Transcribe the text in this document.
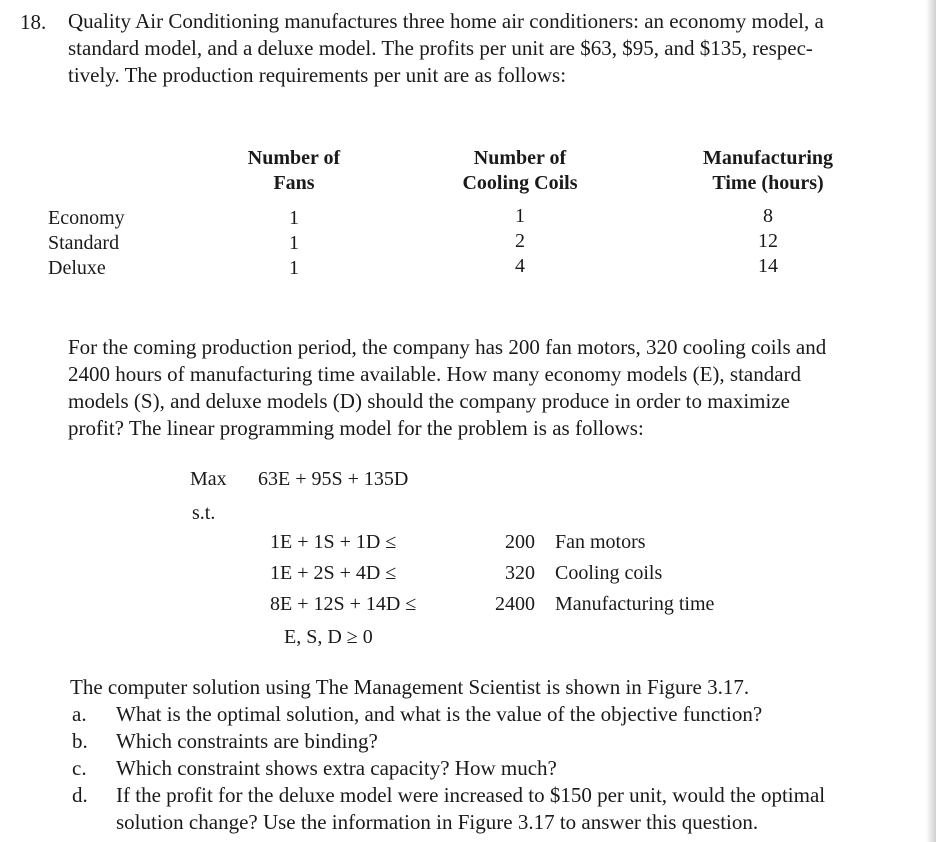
18. Quality Air Conditioning manufactures three home air conditioners: an economy model, a
standard model, and a deluxe model. The profits per unit are $63, $95, and $135, respec-
tively. The production requirements per unit are as follows:
Number of
Fans
Number of
Cooling Coils
Manufacturing
Time (hours)
Economy	1	1	8
Standard	1	2	12
Deluxe	1	4	14
For the coming production period, the company has 200 fan motors, 320 cooling coils and
2400 hours of manufacturing time available. How many economy models (E), standard
models (S), and deluxe models (D) should the company produce in order to maximize
profit? The linear programming model for the problem is as follows:
Max 63E + 95S + 135D
s.t.
1E + 1S + 1D ≤	200 Fan motors
1E + 2S + 4D ≤	320 Cooling coils
8E + 12S + 14D ≤	2400 Manufacturing time
E, S, D ≥ 0
The computer solution using The Management Scientist is shown in Figure 3.17.
a.	What is the optimal solution, and what is the value of the objective function?
b.	Which constraints are binding?
c.	Which constraint shows extra capacity? How much?
d.	If the profit for the deluxe model were increased to $150 per unit, would the optimal solution change? Use the information in Figure 3.17 to answer this question.
